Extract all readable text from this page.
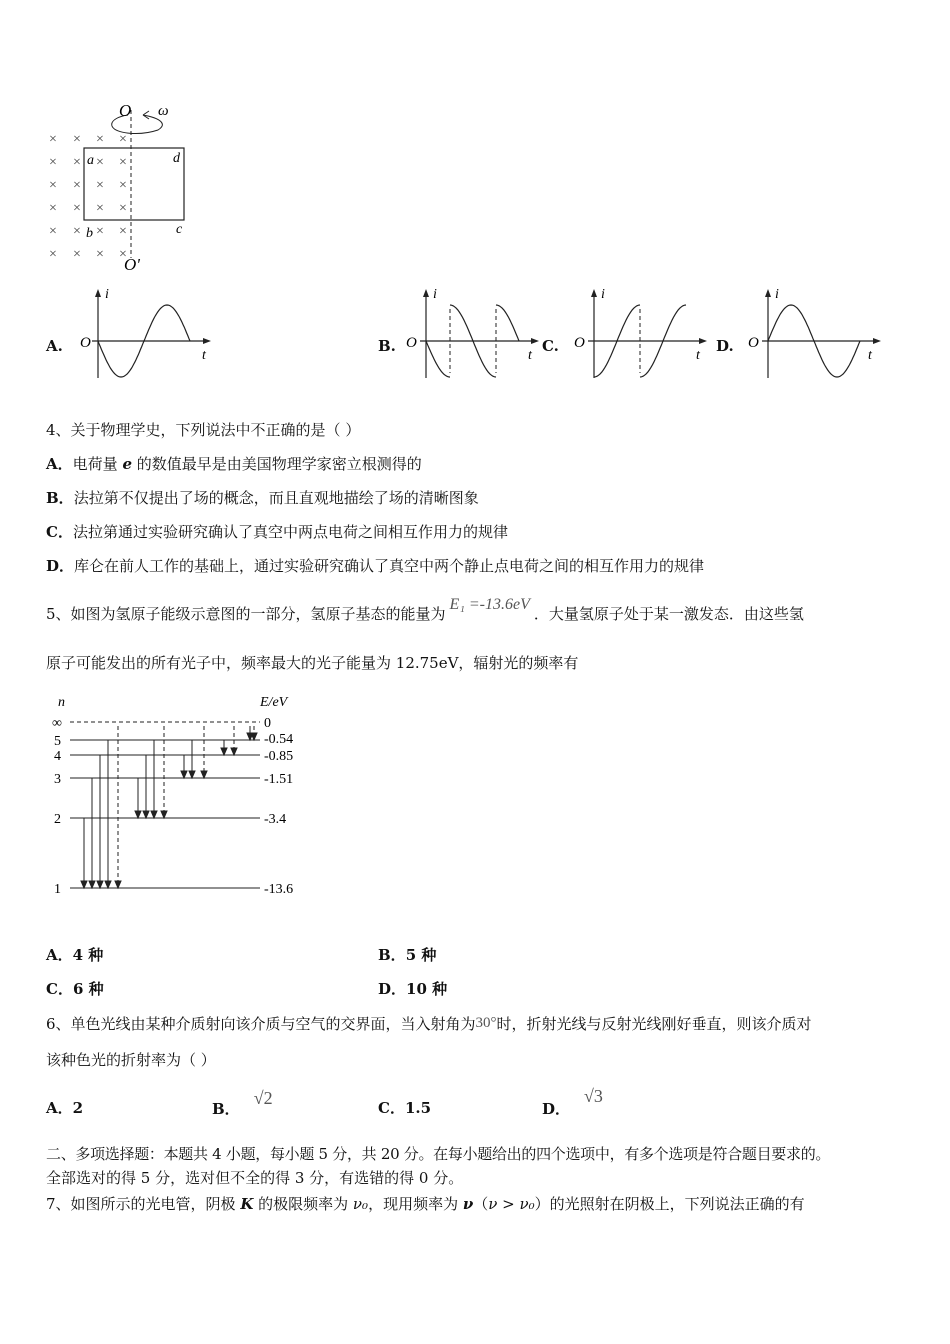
× × ×
× × × ×
× × × ×
× × × ×
× × × ×
× × × ×
×
O ω
O'
a
b	c
d
A. O
t
i
B. O
t
i
C. O
t
i
D. O
t
i
4、关于物理学史，下列说法中不正确的是（ ）
A．电荷量 e 的数值最早是由美国物理学家密立根测得的
B．法拉第不仅提出了场的概念，而且直观地描绘了场的清晰图象
C．法拉第通过实验研究确认了真空中两点电荷之间相互作用力的规律
D．库仑在前人工作的基础上，通过实验研究确认了真空中两个静止点电荷之间的相互作用力的规律
5、如图为氢原子能级示意图的一部分，氢原子基态的能量为E₁ =-13.6eV．大量氢原子处于某一激发态．由这些氢
原子可能发出的所有光子中，频率最大的光子能量为 12.75eV，辐射光的频率有
n	E/eV
∞	0
5	-0.54
4	-0.85
3	-1.51
2	-3.4
1	-13.6
A．4 种	B．5 种
C．6 种	D．10 种
6、单色光线由某种介质射向该介质与空气的交界面，当入射角为30°时，折射光线与反射光线刚好垂直，则该介质对
该种色光的折射率为（ ）
A．2	B．√2	C．1.5	D．√3
二、多项选择题：本题共 4 小题，每小题 5 分，共 20 分。在每小题给出的四个选项中，有多个选项是符合题目要求的。
全部选对的得 5 分，选对但不全的得 3 分，有选错的得 0 分。
7、如图所示的光电管，阴极 K 的极限频率为 ν₀，现用频率为 ν（ν > ν₀）的光照射在阴极上，下列说法正确的有
